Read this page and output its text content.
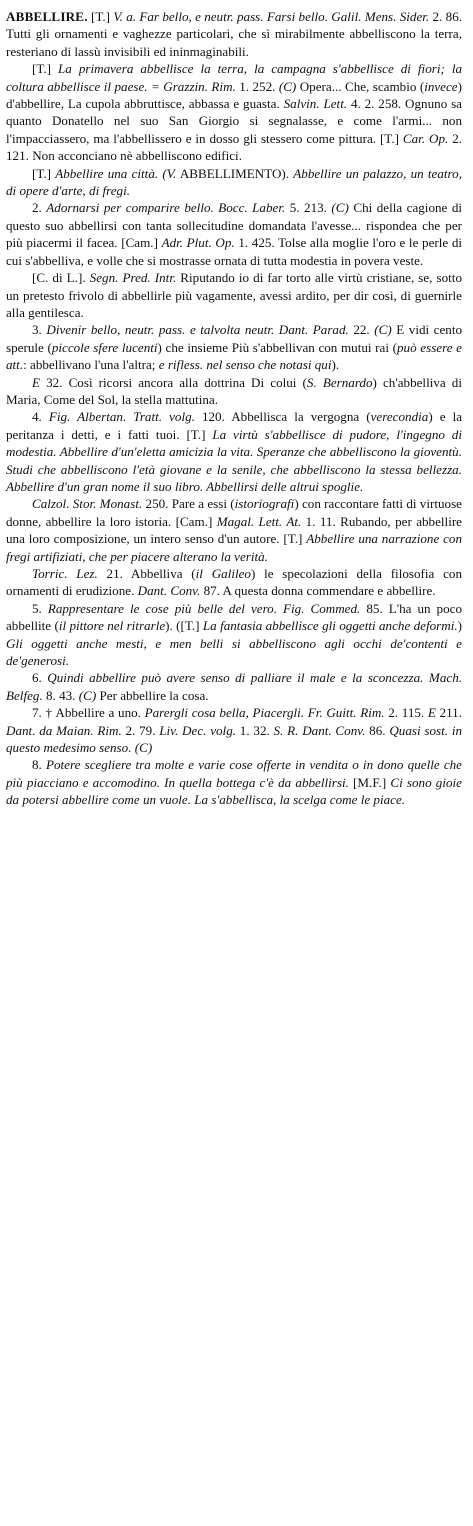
ABBELLIRE. [T.] V. a. Far bello, e neutr. pass. Farsi bello. Galil. Mens. Sider. 2. 86. Tutti gli ornamenti e vaghezze particolari, che sì mirabilmente abbelliscono la terra, resteriano di lassù invisibili ed ininmaginabili.

[T.] La primavera abbellisce la terra, la campagna s'abbellisce di fiori; la coltura abbellisce il paese. = Grazzin. Rim. 1. 252. (C) Opera... Che, scambio (invece) d'abbellire, La cupola abbruttisce, abbassa e guasta. Salvin. Lett. 4. 2. 258. Ognuno sa quanto Donatello nel suo San Giorgio si segnalasse, e come l'armi... non l'impacciassero, ma l'abbellissero e in dosso gli stessero come pittura. [T.] Car. Op. 2. 121. Non acconciano nè abbelliscono edifici.

[T.] Abbellire una città. (V. ABBELLIMENTO). Abbellire un palazzo, un teatro, di opere d'arte, di fregi.

2. Adornarsi per comparire bello. Bocc. Laber. 5. 213. (C) Chi della cagione di questo suo abbellirsi con tanta sollecitudine domandata l'avesse... rispondea che per più piacermi il facea. [Cam.] Adr. Plut. Op. 1. 425. Tolse alla moglie l'oro e le perle di cui s'abbelliva, e volle che si mostrasse ornata di tutta modestia in povera veste.

[C. di L.]. Segn. Pred. Intr. Riputando io di far torto alle virtù cristiane, se, sotto un pretesto frivolo di abbellirle più vagamente, avessi ardito, per dir così, di guernirle alla gentilesca.

3. Divenir bello, neutr. pass. e talvolta neutr. Dant. Parad. 22. (C) E vidi cento sperule (piccole sfere lucenti) che insieme Più s'abbellivan con mutui rai (può essere e att.: abbellivano l'una l'altra; e rifless. nel senso che notasi qui).

E 32. Così ricorsi ancora alla dottrina Di colui (S. Bernardo) ch'abbelliva di Maria, Come del Sol, la stella mattutina.

4. Fig. Albertan. Tratt. volg. 120. Abbellisca la vergogna (verecondia) e la peritanza i detti, e i fatti tuoi. [T.] La virtù s'abbellisce di pudore, l'ingegno di modestia. Abbellire d'un'eletta amicizia la vita. Speranze che abbelliscono la gioventù. Studi che abbelliscono l'età giovane e la senile, che abbelliscono la stessa bellezza. Abbellire d'un gran nome il suo libro. Abbellirsi delle altrui spoglie.

Calzol. Stor. Monast. 250. Pare a essi (istoriografi) con raccontare fatti di virtuose donne, abbellire la loro istoria. [Cam.] Magal. Lett. At. 1. 11. Rubando, per abbellire una loro composizione, un intero senso d'un autore. [T.] Abbellire una narrazione con fregi artifiziati, che per piacere alterano la verità.

Torric. Lez. 21. Abbelliva (il Galileo) le specolazioni della filosofia con ornamenti di erudizione. Dant. Conv. 87. A questa donna commendare e abbellire.

5. Rappresentare le cose più belle del vero. Fig. Commed. 85. L'ha un poco abbellite (il pittore nel ritrarle). ([T.] La fantasia abbellisce gli oggetti anche deformi.) Gli oggetti anche mesti, e men belli si abbelliscono agli occhi de'contenti e de'generosi.

6. Quindi abbellire può avere senso di palliare il male e la sconcezza. Mach. Belfeg. 8. 43. (C) Per abbellire la cosa.

7. † Abbellire a uno. Parergli cosa bella, Piacergli. Fr. Guitt. Rim. 2. 115. E 211. Dant. da Maian. Rim. 2. 79. Liv. Dec. volg. 1. 32. S. R. Dant. Conv. 86. Quasi sost. in questo medesimo senso. (C)

8. Potere scegliere tra molte e varie cose offerte in vendita o in dono quelle che più piacciano e accomodino. In quella bottega c'è da abbellirsi. [M.F.] Ci sono gioie da potersi abbellire come un vuole. La s'abbellisca, la scelga come le piace.
